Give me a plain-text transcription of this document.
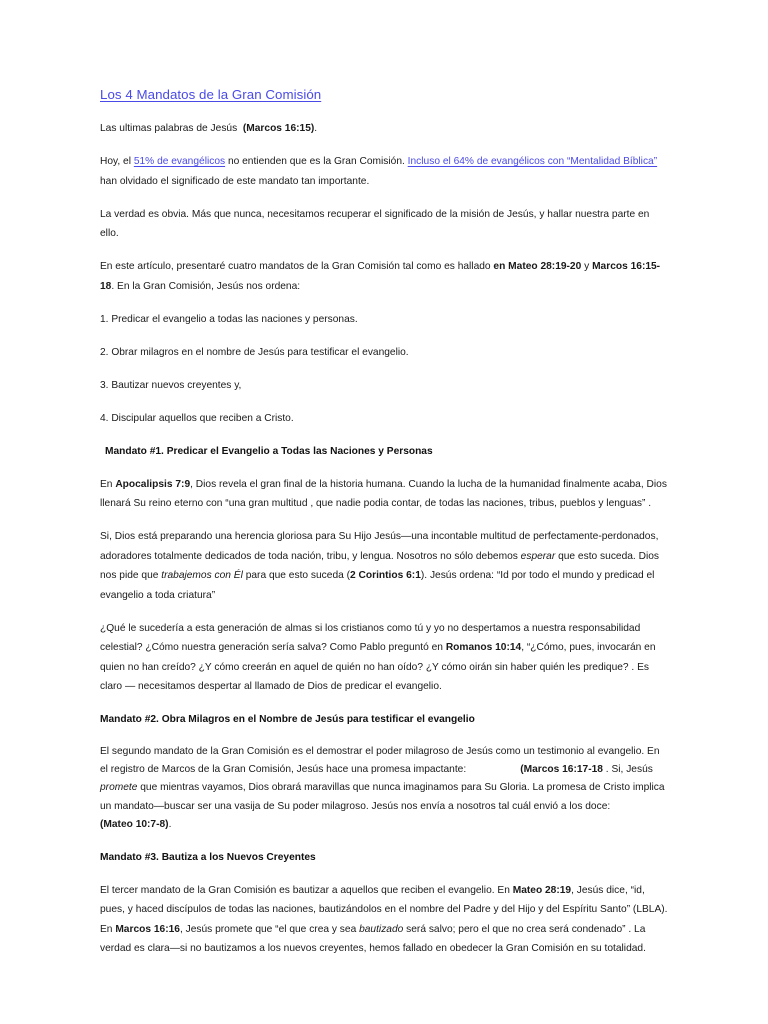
Los 4 Mandatos de la Gran Comisión

Las ultimas palabras de Jesús  (Marcos 16:15).

Hoy, el 51% de evangélicos no entienden que es la Gran Comisión. Incluso el 64% de evangélicos con “Mentalidad Bíblica” han olvidado el significado de este mandato tan importante.

La verdad es obvia. Más que nunca, necesitamos recuperar el significado de la misión de Jesús, y hallar nuestra parte en ello.

En este artículo, presentaré cuatro mandatos de la Gran Comisión tal como es hallado en Mateo 28:19-20 y Marcos 16:15-18. En la Gran Comisión, Jesús nos ordena:

1. Predicar el evangelio a todas las naciones y personas.

2. Obrar milagros en el nombre de Jesús para testificar el evangelio.

3. Bautizar nuevos creyentes y,

4. Discipular aquellos que reciben a Cristo.

Mandato #1. Predicar el Evangelio a Todas las Naciones y Personas

En Apocalipsis 7:9, Dios revela el gran final de la historia humana. Cuando la lucha de la humanidad finalmente acaba, Dios llenará Su reino eterno con “una gran multitud , que nadie podia contar, de todas las naciones, tribus, pueblos y lenguas” .

Si, Dios está preparando una herencia gloriosa para Su Hijo Jesús—una incontable multitud de perfectamente-perdonados, adoradores totalmente dedicados de toda nación, tribu, y lengua. Nosotros no sólo debemos esperar que esto suceda. Dios nos pide que trabajemos con Él para que esto suceda (2 Corintios 6:1). Jesús ordena: “Id por todo el mundo y predicad el evangelio a toda criatura”

¿Qué le sucedería a esta generación de almas si los cristianos como tú y yo no despertamos a nuestra responsabilidad celestial? ¿Cómo nuestra generación sería salva? Como Pablo preguntó en Romanos 10:14, “¿Cómo, pues, invocarán en quien no han creído? ¿Y cómo creerán en aquel de quién no han oído? ¿Y cómo oirán sin haber quién les predique? . Es claro — necesitamos despertar al llamado de Dios de predicar el evangelio.

Mandato #2. Obra Milagros en el Nombre de Jesús para testificar el evangelio

El segundo mandato de la Gran Comisión es el demostrar el poder milagroso de Jesús como un testimonio al evangelio. En el registro de Marcos de la Gran Comisión, Jesús hace una promesa impactante:	(Marcos 16:17-18 . Si, Jesús promete que mientras vayamos, Dios obrará maravillas que nunca imaginamos para Su Gloria. La promesa de Cristo implica un mandato—buscar ser una vasija de Su poder milagroso. Jesús nos envía a nosotros tal cuál envió a los doce:(Mateo 10:7-8).

Mandato #3. Bautiza a los Nuevos Creyentes

El tercer mandato de la Gran Comisión es bautizar a aquellos que reciben el evangelio. En Mateo 28:19, Jesús dice, “id, pues, y haced discípulos de todas las naciones, bautizándolos en el nombre del Padre y del Hijo y del Espíritu Santo” (LBLA). En Marcos 16:16, Jesús promete que “el que crea y sea bautizado será salvo; pero el que no crea será condenado” . La verdad es clara—si no bautizamos a los nuevos creyentes, hemos fallado en obedecer la Gran Comisión en su totalidad.
